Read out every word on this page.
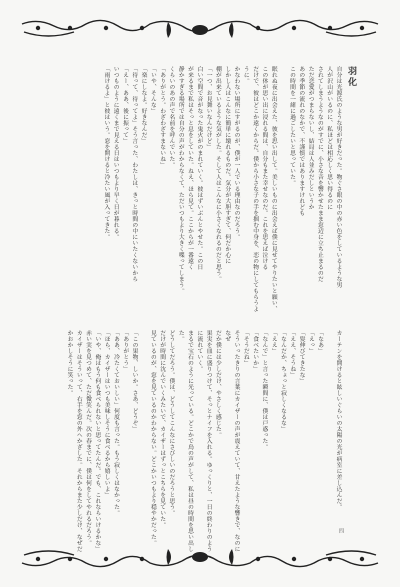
羽化
自分は光源氏のような男が好きだった。物ぐさ眼の中の赤い色をしているような男
人が沢山がいるのに、私ほどは相応しく思い得るのに
されてしまうようなのがすでに、小さな音を響かせたまま窓辺に立ち止まるのだ
ただ恋愛がつまらないし、結局は人並みだしというか
あの季節の流れのなかで、不謹慎ではありますけれども
この時間を一緒に過ごしたいと思っていた。
眠れぬ夜に出会えた、彼を思い出して。美しいものに出会えば僕に見せてやりたいと願い、この体が思い出に浸れる間は、自分もまた幸せなのだ。これを思えば泣ける
だけで、彼はどこか遠くからだ。僕から小さな子の手を掴む中身を、恋の物にしてもらうように。
かなわない場所にすがるのが、僕が一人でいる理由なのだろう。
しかし人はこんなに簡単に壊れるものだ。気分が大胆すぎて、何だか心に
棚が出来ているような気がした。そして人はこんなに小さくなれるのだと思う。
「一つ、お見舞いなんだけど」
白い空間で音がなった鬼火がのまれていく。彼はずいぶんとやせた。この日
が来るまで私はそっと息をしていた。ねえ、ほら見て。ここからが一番遠く
静かすぎる場所では自分の声がわからなくて、ただいつもより大きく喋ってしまう。
くらいのあの声で名前を呼んでいた。
「ありがとう。わざわざすまないね」
「いや、そんな」
「楽にしなよ。好きなんだ」
「待って、待ってよ」そう言った、わたしは、きっと時間の中にいたくないから
「えー、ああ、後に振って」
いつものように遠くまで見える日はいつもより早く日が暮れる。
「雨けるよ」と彼はいう。窓を開けると冷たい風が入ってきた。
カーテンを開けると眩しいぐらいの太陽の光が病室に差し込んだ。
「なあ」
「えっ」
「髪伸びてきたな」
「ええ、そうね」
「なんだか、ちょっと寂しくなるな」
「ええ」
「なんで」と言った瞬間に、僕は戸惑った。
「食べたいか」
「そうだね」
そういったきりの言葉にカイザーの声が震えていて、甘えたような響きで、なのになぜ
だか僕には少しだけ、やさしく感じた。
果実を皿に盛りつけて、そっとナイフを入れる。ゆっくりと、一日の終わりのように流れていく。
まるで宝石のように光っている。どこかで鳥の声がして、私は昼の時間を思い出した。
どうしてだろう。僕は、どうしてこんなにさびしいのだろうと思う。
だけが時間に沈んでいくみたいで、カイザーはずっとこちらを見ていた。
見ているのが、窓を見ているのかわからない。どこかいつもより穏やかだった。
「この果物、しいか。さあ、どうぞ」
「ありがとう」
「ああ、冷たくておいしい」何度も言った。もう寂しくはなかった。
「ほら、カイザーはいつも美味しそうに食べるから嬉しいよ」
「いや、俺はもう何も食べられないと思ってたんだ。でも、これならいけるかな」
赤い実を見つめて、ただ微笑んだ。次の春までに、僕は何をしてやれるだろう。
カイザーはそういって、右手を窓の外へかざした。それからまた少しだけ、なぜだかおかしそうに笑った。
四
